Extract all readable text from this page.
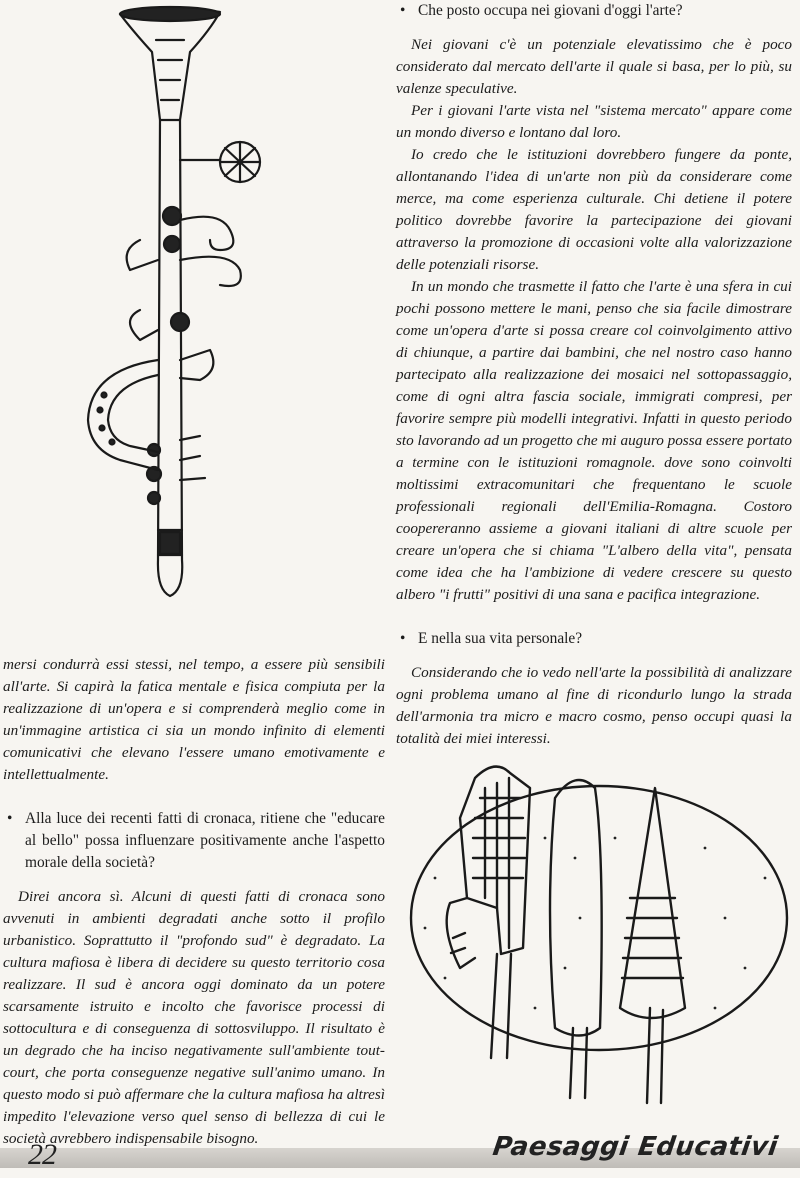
mersi condurrà essi stessi, nel tempo, a essere più sensibili all'arte. Si capirà la fatica mentale e fisica compiuta per la realizzazione di un'opera e si comprenderà meglio come in un'immagine artistica ci sia un mondo infinito di elementi comunicativi che elevano l'essere umano emotivamente e intellettualmente.

• Alla luce dei recenti fatti di cronaca, ritiene che "educare al bello" possa influenzare positivamente anche l'aspetto morale della società?

Direi ancora sì. Alcuni di questi fatti di cronaca sono avvenuti in ambienti degradati anche sotto il profilo urbanistico. Soprattutto il "profondo sud" è degradato. La cultura mafiosa è libera di decidere su questo territorio cosa realizzare. Il sud è ancora oggi dominato da un potere scarsamente istruito e incolto che favorisce processi di sottocultura e di conseguenza di sottosviluppo. Il risultato è un degrado che ha inciso negativamente sull'ambiente tout-court, che porta conseguenze negative sull'animo umano. In questo modo si può affermare che la cultura mafiosa ha altresì impedito l'elevazione verso quel senso di bellezza di cui le società avrebbero indispensabile bisogno.

• Che posto occupa nei giovani d'oggi l'arte?

Nei giovani c'è un potenziale elevatissimo che è poco considerato dal mercato dell'arte il quale si basa, per lo più, su valenze speculative.

Per i giovani l'arte vista nel "sistema mercato" appare come un mondo diverso e lontano dal loro.

Io credo che le istituzioni dovrebbero fungere da ponte, allontanando l'idea di un'arte non più da considerare come merce, ma come esperienza culturale. Chi detiene il potere politico dovrebbe favorire la partecipazione dei giovani attraverso la promozione di occasioni volte alla valorizzazione delle potenziali risorse.

In un mondo che trasmette il fatto che l'arte è una sfera in cui pochi possono mettere le mani, penso che sia facile dimostrare come un'opera d'arte si possa creare col coinvolgimento attivo di chiunque, a partire dai bambini, che nel nostro caso hanno partecipato alla realizzazione dei mosaici nel sottopassaggio, come di ogni altra fascia sociale, immigrati compresi, per favorire sempre più modelli integrativi. Infatti in questo periodo sto lavorando ad un progetto che mi auguro possa essere portato a termine con le istituzioni romagnole. dove sono coinvolti moltissimi extracomunitari che frequentano le scuole professionali regionali dell'Emilia-Romagna. Costoro coopereranno assieme a giovani italiani di altre scuole per creare un'opera che si chiama "L'albero della vita", pensata come idea che ha l'ambizione di vedere crescere su questo albero "i frutti" positivi di una sana e pacifica integrazione.

• E nella sua vita personale?

Considerando che io vedo nell'arte la possibilità di analizzare ogni problema umano al fine di ricondurlo lungo la strada dell'armonia tra micro e macro cosmo, penso occupi quasi la totalità dei miei interessi.

22	Paesaggi Educativi
